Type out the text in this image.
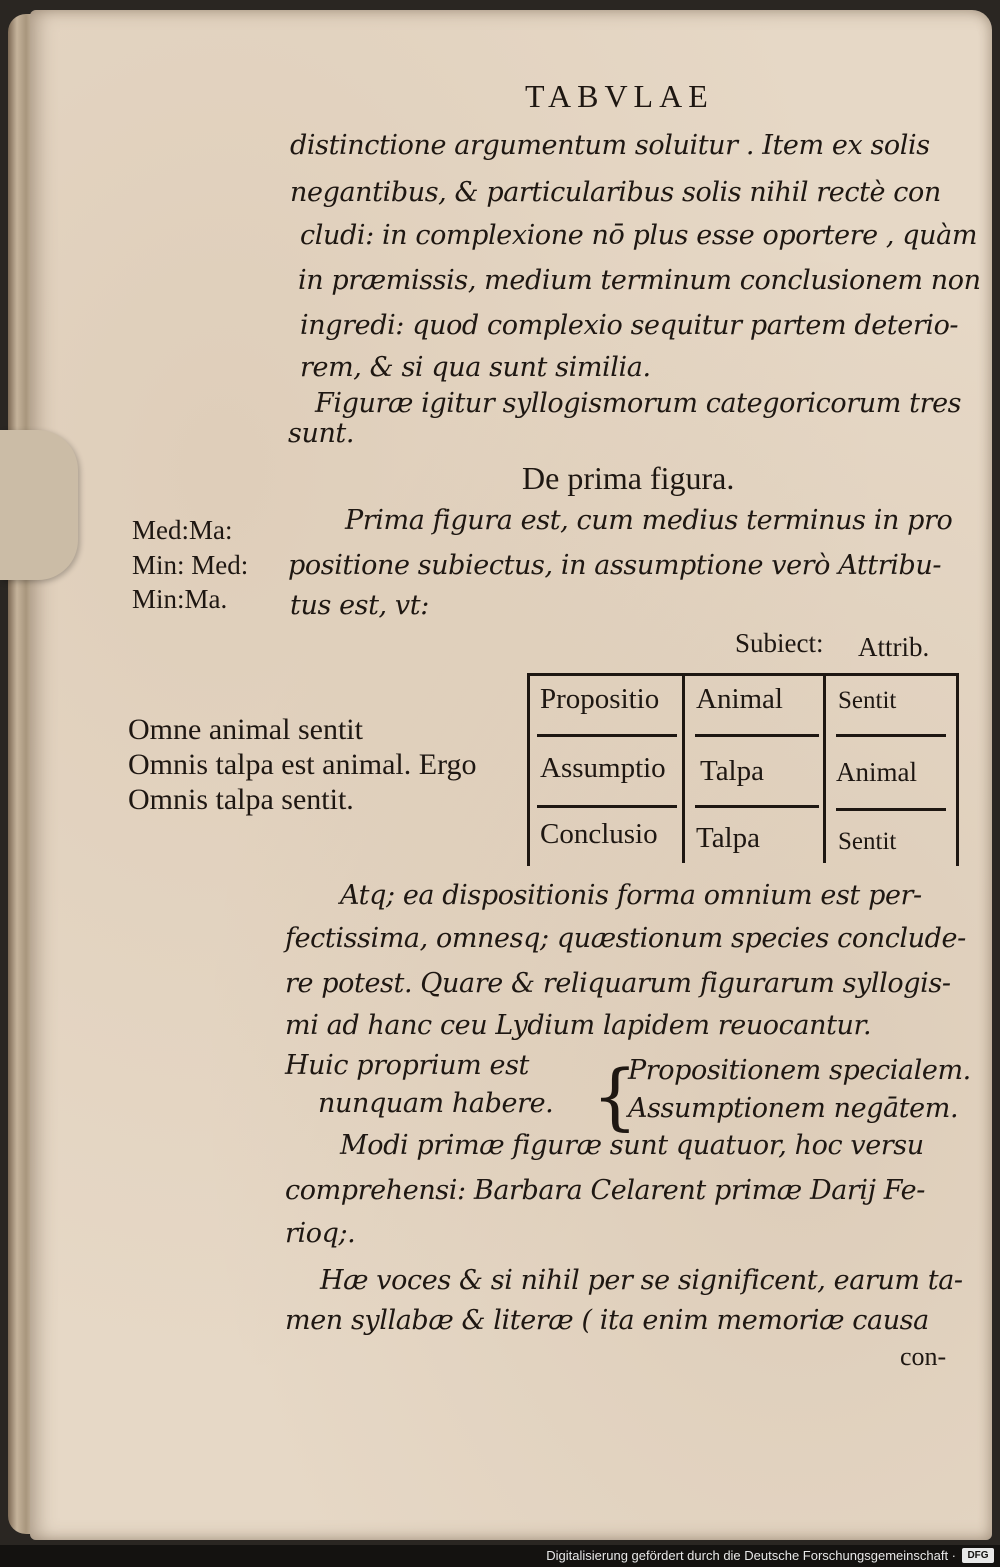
TABVLAE
distinctione argumentum soluitur . Item ex solis
negantibus, & particularibus solis nihil rectè con
cludi: in complexione nō plus esse oportere , quàm
in præmissis, medium terminum conclusionem non
ingredi: quod complexio sequitur partem deterio-
rem, & si qua sunt similia.
Figuræ igitur syllogismorum categoricorum tres
sunt.
De prima figura.
Med:Ma:
Min: Med:
Min:Ma.
Prima figura est, cum medius terminus in pro
positione subiectus, in assumptione verò Attribu-
tus est, vt:
Subiect: Attrib.
Omne animal sentit
Omnis talpa est animal. Ergo
Omnis talpa sentit.
Propositio Animal Sentit
Assumptio Talpa	Animal
Conclusio Talpa	Sentit
Atq; ea dispositionis forma omnium est per-
fectissima, omnesq; quæstionum species conclude-
re potest. Quare & reliquarum figurarum syllogis-
mi ad hanc ceu Lydium lapidem reuocantur.
Huic proprium est
nunquam habere. {
Propositionem specialem.
Assumptionem negātem.
Modi primæ figuræ sunt quatuor, hoc versu
comprehensi: Barbara Celarent primæ Darij Fe-
rioq;.
Hæ voces & si nihil per se significent, earum ta-
men syllabæ & literæ ( ita enim memoriæ causa
con-
Digitalisierung gefördert durch die Deutsche Forschungsgemeinschaft ·	DFG
